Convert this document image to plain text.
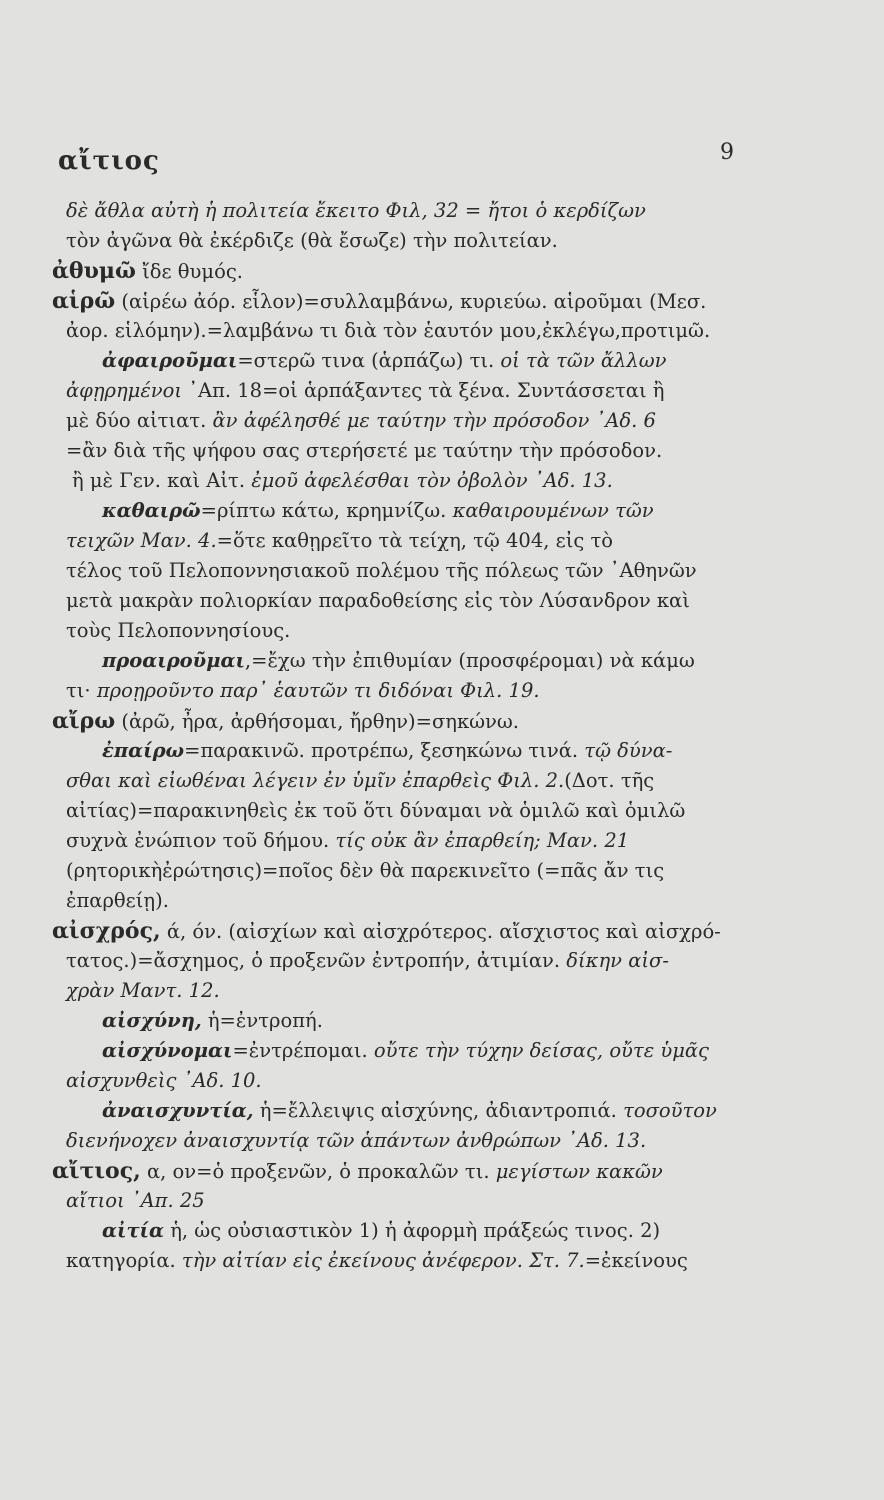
αἴτιος	9
δὲ ἄθλα αὐτὴ ἡ πολιτεία ἔκειτο Φιλ, 32 = ἤτοι ὁ κερδίζων
τὸν ἀγῶνα θὰ ἐκέρδιζε (θὰ ἔσωζε) τὴν πολιτείαν.
ἀθυμῶ ἴδε θυμός.
αἱρῶ (αἱρέω ἀόρ. εἷλον)=συλλαμβάνω, κυριεύω. αἱροῦμαι (Μεσ.
ἀορ. εἱλόμην).=λαμβάνω τι διὰ τὸν ἑαυτόν μου,ἐκλέγω,προτιμῶ.
ἀφαιροῦμαι=στερῶ τινα (ἁρπάζω) τι. οἱ τὰ τῶν ἄλλων
ἀφῃρημένοι ᾿Απ. 18=οἱ ἁρπάξαντες τὰ ξένα. Συντάσσεται ἢ
μὲ δύο αἰτιατ. ἂν ἀφέλησθέ με ταύτην τὴν πρόσοδον ᾿Αδ. 6
=ἂν διὰ τῆς ψήφου σας στερήσετέ με ταύτην τὴν πρόσοδον.
ἢ μὲ Γεν. καὶ Αἰτ. ἐμοῦ ἀφελέσθαι τὸν ὀβολὸν ᾿Αδ. 13.
καθαιρῶ=ρίπτω κάτω, κρημνίζω. καθαιρουμένων τῶν
τειχῶν Μαν. 4.=ὅτε καθῃρεῖτο τὰ τείχη, τῷ 404, εἰς τὸ
τέλος τοῦ Πελοποννησιακοῦ πολέμου τῆς πόλεως τῶν ᾿Αθηνῶν
μετὰ μακρὰν πολιορκίαν παραδοθείσης εἰς τὸν Λύσανδρον καὶ
τοὺς Πελοποννησίους.
προαιροῦμαι,=ἔχω τὴν ἐπιθυμίαν (προσφέρομαι) νὰ κάμω
τι· προῃροῦντο παρ᾿ ἑαυτῶν τι διδόναι Φιλ. 19.
αἴρω (ἀρῶ, ἦρα, ἀρθήσομαι, ἤρθην)=σηκώνω.
ἐπαίρω=παρακινῶ. προτρέπω, ξεσηκώνω τινά. τῷ δύνα-
σθαι καὶ εἰωθέναι λέγειν ἐν ὑμῖν ἐπαρθεὶς Φιλ. 2.(Δοτ. τῆς
αἰτίας)=παρακινηθεὶς ἐκ τοῦ ὅτι δύναμαι νὰ ὁμιλῶ καὶ ὁμιλῶ
συχνὰ ἐνώπιον τοῦ δήμου. τίς οὐκ ἂν ἐπαρθείη; Μαν. 21
(ρητορικὴἐρώτησις)=ποῖος δὲν θὰ παρεκινεῖτο (=πᾶς ἄν τις
ἐπαρθείῃ).
αἰσχρός, ά, όν. (αἰσχίων καὶ αἰσχρότερος. αἴσχιστος καὶ αἰσχρό-
τατος.)=ἄσχημος, ὁ προξενῶν ἐντροπήν, ἀτιμίαν. δίκην αἰσ-
χρὰν Μαντ. 12.
αἰσχύνη, ἡ=ἐντροπή.
αἰσχύνομαι=ἐντρέπομαι. οὔτε τὴν τύχην δείσας, οὔτε ὑμᾶς
αἰσχυνθεὶς ᾿Αδ. 10.
ἀναισχυντία, ἡ=ἔλλειψις αἰσχύνης, ἀδιαντροπιά. τοσοῦτον
διενήνοχεν ἀναισχυντίᾳ τῶν ἁπάντων ἀνθρώπων ᾿Αδ. 13.
αἴτιος, α, ον=ὁ προξενῶν, ὁ προκαλῶν τι. μεγίστων κακῶν
αἴτιοι ᾿Απ. 25
αἰτία ἡ, ὡς οὐσιαστικὸν 1) ἡ ἀφορμὴ πράξεώς τινος. 2)
κατηγορία. τὴν αἰτίαν εἰς ἐκείνους ἀνέφερον. Στ. 7.=ἐκείνους
